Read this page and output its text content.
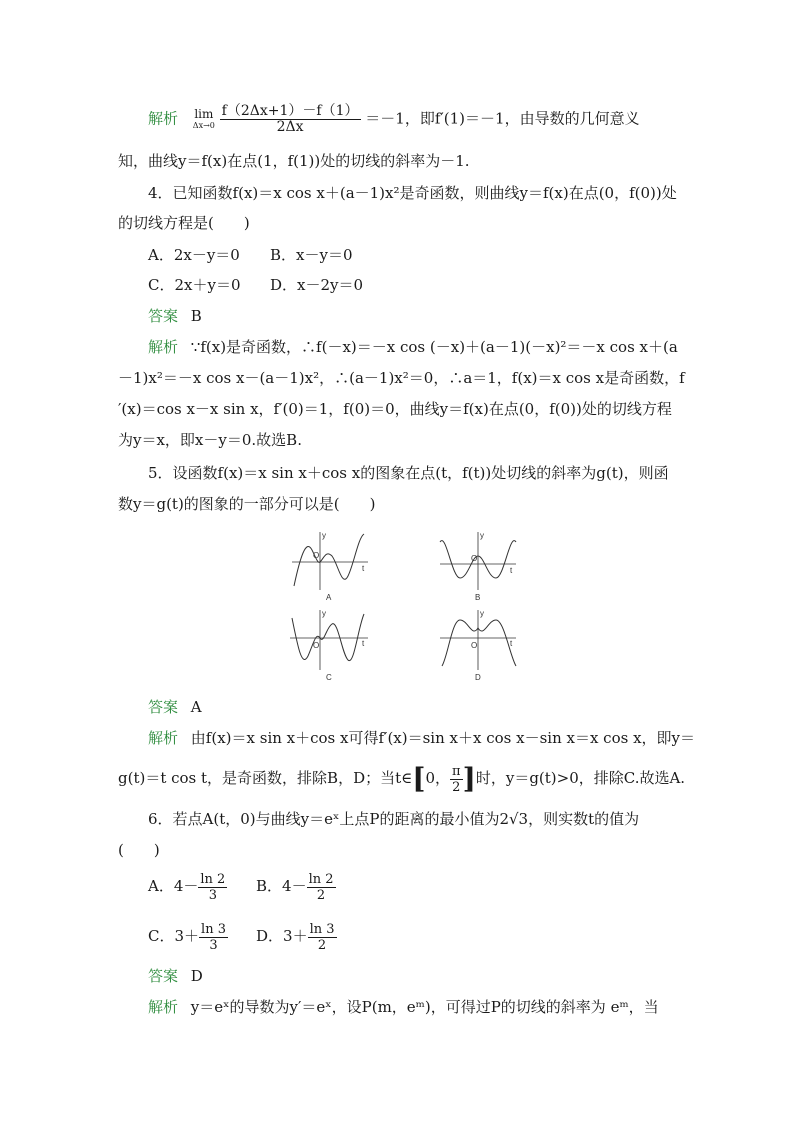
解析 lim
Δx→0
$\frac{f(2\Delta x+1)-f(1)}{2\Delta x} =-1$，即f′(1)＝－1，由导数的几何意义
知，曲线y＝f(x)在点(1，f(1))处的切线的斜率为－1.
4．已知函数f(x)＝x cos x＋(a－1)x²是奇函数，则曲线y＝f(x)在点(0，f(0))处
的切线方程是(　　)
A．2x－y＝0 B．x－y＝0
C．2x＋y＝0 D．x－2y＝0
答案 B
解析 ∵f(x)是奇函数，∴f(－x)＝－x cos (－x)＋(a－1)(－x)²＝－x cos x＋(a
－1)x²＝－x cos x－(a－1)x²，∴(a－1)x²＝0，∴a＝1，f(x)＝x cos x是奇函数，f
′(x)＝cos x－x sin x，f′(0)＝1，f(0)＝0，曲线y＝f(x)在点(0，f(0))处的切线方程
为y＝x，即x－y＝0.故选B.
5．设函数f(x)＝x sin x＋cos x的图象在点(t，f(t))处切线的斜率为g(t)，则函
数y＝g(t)的图象的一部分可以是(　　)
O
y
t
A
O
y
t
B
O
y
t
C
O
y
t
D
答案 A
解析 由f(x)＝x sin x＋cos x可得f′(x)＝sin x＋x cos x－sin x＝x cos x，即y＝
g(t)＝t cos t，是奇函数，排除B，D；当t∈[0， $\frac{\pi}{2}$ ]时，y＝g(t)>0，排除C.故选A.
6．若点A(t，0)与曲线y＝eˣ上点P的距离的最小值为2√3，则实数t的值为
(　　)
A．$4- \frac{\ln 2}{3}$ B．$4- \frac{\ln 2}{2}$
C．$3+ \frac{\ln 3}{3}$ D．$3+ \frac{\ln 3}{2}$
答案 D
解析 y＝eˣ的导数为y′＝eˣ，设P(m，eᵐ)，可得过P的切线的斜率为 eᵐ，当
